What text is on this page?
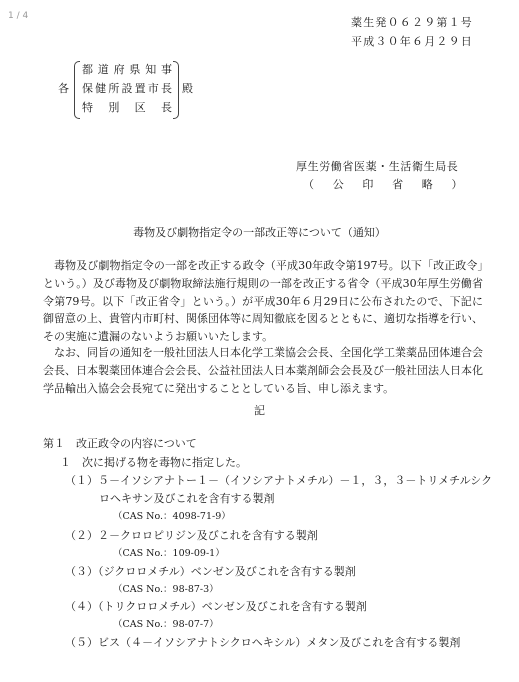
1 / 4	薬生発０６２９第１号
平成３０年６月２９日
各
都 道 府 県 知 事
保 健 所 設 置 市 長
特 別 区 長
殿
厚生労働省医薬・生活衛生局長
（ 公 印 省 略 ）
毒物及び劇物指定令の一部改正等について（通知）
毒物及び劇物指定令の一部を改正する政令（平成30年政令第197号。以下「改正政令」という。）及び毒物及び劇物取締法施行規則の一部を改正する省令（平成30年厚生労働省令第79号。以下「改正省令」という。）が平成30年６月29日に公布されたので、下記に御留意の上、貴管内市町村、関係団体等に周知徹底を図るとともに、適切な指導を行い、その実施に遺漏のないようお願いいたします。
なお、同旨の通知を一般社団法人日本化学工業協会会長、全国化学工業薬品団体連合会会長、日本製薬団体連合会会長、公益社団法人日本薬剤師会会長及び一般社団法人日本化学品輸出入協会会長宛てに発出することとしている旨、申し添えます。
記
第１　改正政令の内容について
１　次に掲げる物を毒物に指定した。
（１）５－イソシアナトー１－（イソシアナトメチル）－１，３，３－トリメチルシク
ロヘキサン及びこれを含有する製剤
（CAS No.：4098-71-9）
（２）２－クロロピリジン及びこれを含有する製剤
（CAS No.：109-09-1）
（３）（ジクロロメチル）ベンゼン及びこれを含有する製剤
（CAS No.：98-87-3）
（４）（トリクロロメチル）ベンゼン及びこれを含有する製剤
（CAS No.：98-07-7）
（５）ビス（４－イソシアナトシクロヘキシル）メタン及びこれを含有する製剤
